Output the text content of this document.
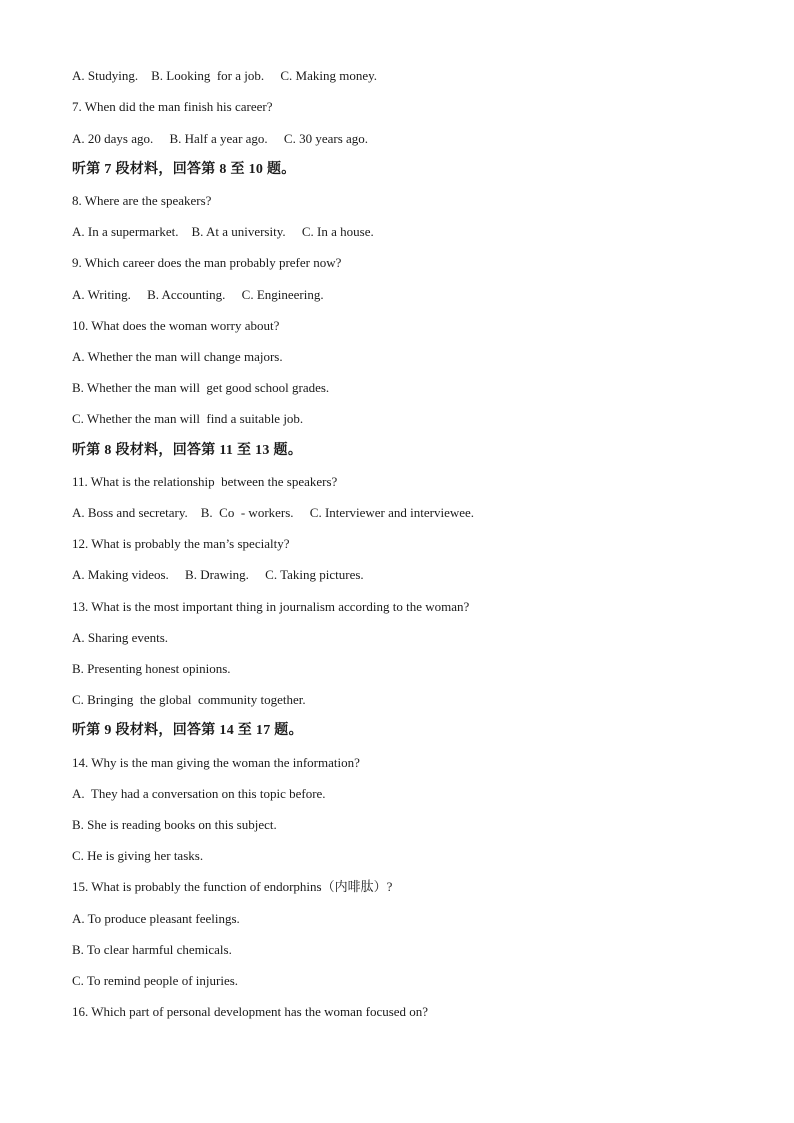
A. Studying.    B. Looking  for a job.     C. Making money.
7. When did the man finish his career?
A. 20 days ago.     B. Half a year ago.     C. 30 years ago.
听第 7 段材料，回答第 8 至 10 题。
8. Where are the speakers?
A. In a supermarket.    B. At a university.     C. In a house.
9. Which career does the man probably prefer now?
A. Writing.     B. Accounting.     C. Engineering.
10. What does the woman worry about?
A. Whether the man will change majors.
B. Whether the man will  get good school grades.
C. Whether the man will  find a suitable job.
听第 8 段材料，回答第 11 至 13 题。
11. What is the relationship  between the speakers?
A. Boss and secretary.    B.  Co  - workers.     C. Interviewer and interviewee.
12. What is probably the man’s specialty?
A. Making videos.     B. Drawing.     C. Taking pictures.
13. What is the most important thing in journalism according to the woman?
A. Sharing events.
B. Presenting honest opinions.
C. Bringing  the global  community together.
听第 9 段材料，回答第 14 至 17 题。
14. Why is the man giving the woman the information?
A.  They had a conversation on this topic before.
B. She is reading books on this subject.
C. He is giving her tasks.
15. What is probably the function of endorphins（内啡肽）?
A. To produce pleasant feelings.
B. To clear harmful chemicals.
C. To remind people of injuries.
16. Which part of personal development has the woman focused on?
